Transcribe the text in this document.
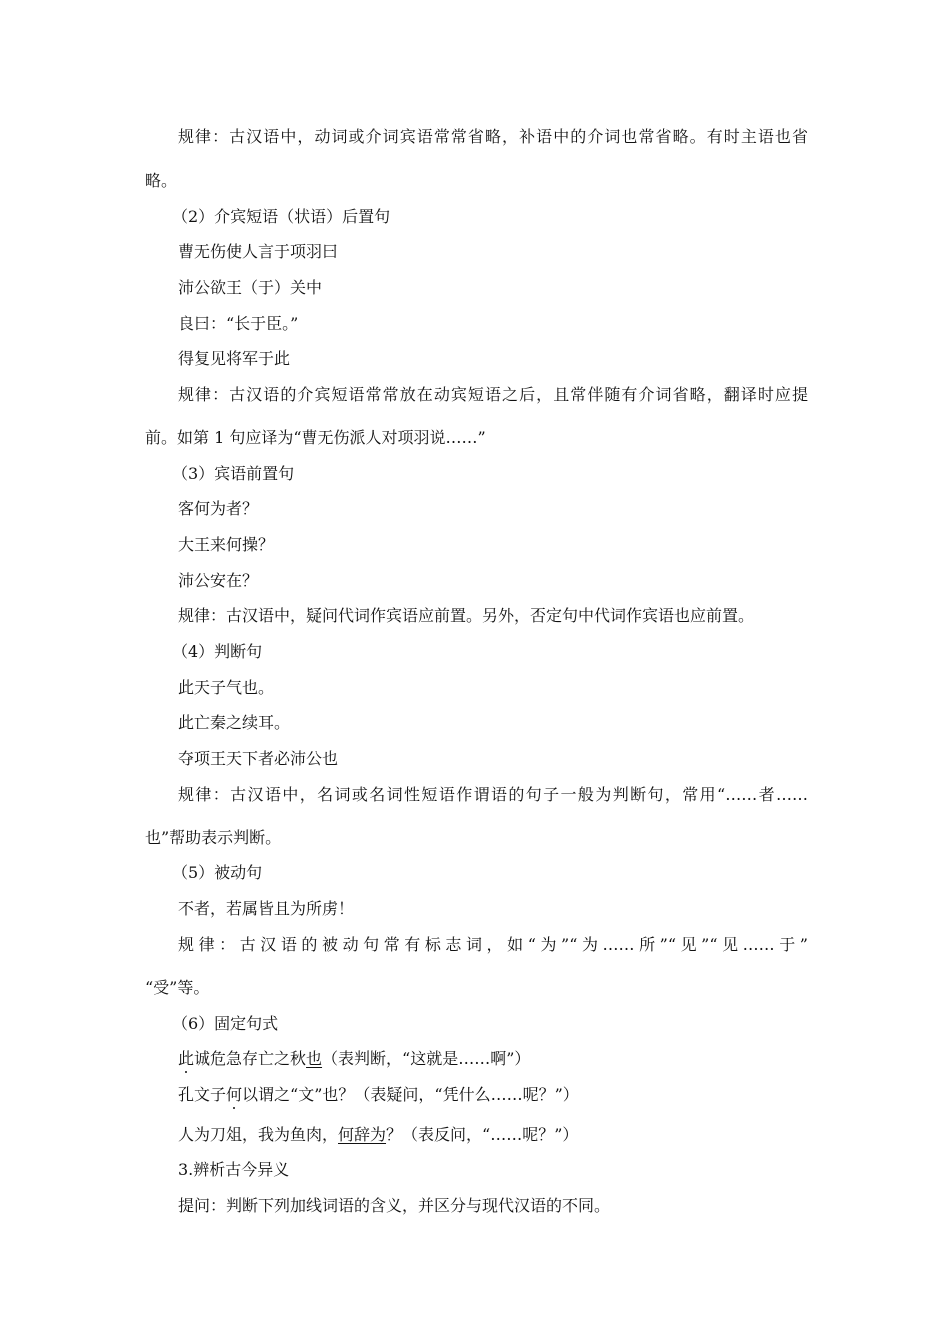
规律：古汉语中，动词或介词宾语常常省略，补语中的介词也常省略。有时主语也省

略。

（2）介宾短语（状语）后置句

曹无伤使人言于项羽曰

沛公欲王（于）关中

良曰：“长于臣。”

得复见将军于此

规律：古汉语的介宾短语常常放在动宾短语之后，且常伴随有介词省略，翻译时应提

前。如第 1 句应译为“曹无伤派人对项羽说……”

（3）宾语前置句

客何为者？

大王来何操？

沛公安在？

规律：古汉语中，疑问代词作宾语应前置。另外，否定句中代词作宾语也应前置。

（4）判断句

此天子气也。

此亡秦之续耳。

夺项王天下者必沛公也

规律：古汉语中，名词或名词性短语作谓语的句子一般为判断句，常用“……者……

也”帮助表示判断。

（5）被动句

不者，若属皆且为所虏！

规律：古汉语的被动句常有标志词，如“为”“为……所”“见”“见……于”

“受”等。

（6）固定句式

此诚危急存亡之秋也（表判断，“这就是……啊”）

孔文子何以谓之“文”也？（表疑问，“凭什么……呢？”）

人为刀俎，我为鱼肉，何辞为？（表反问，“……呢？”）

3.辨析古今异义

提问：判断下列加线词语的含义，并区分与现代汉语的不同。
